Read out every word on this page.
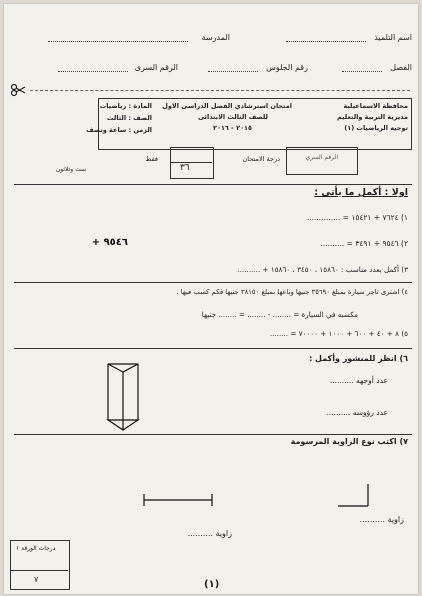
اسم التلميذ
المدرسة
الفصل
رقم الجلوس
الرقم السرى
محافظة الاسماعيلية
مديرية التربية والتعليم
توجيه الرياضيات (١)
امتحان استرشادي الفصل الدراسى الاول
للصف الثالث الابتدائى
٢٠١٥ - ٢٠١٦
المادة : رياضيات
الصف : الثالث
الزمن : ساعة ونصف
الرقم السري
درجة الامتحان
٣٦
فقط
ست وثلاثون
اولا : أكمل ما يأتي :
١) ٧٦٢٤ + ١٥٤٢١ = ..............
٢) ٩٥٤٦ + ٣٤٩١ = ..........
٩٥٤٦ +
٣) أكمل بعدد مناسب : ١٥٨٦٠ ، ٣٤٥٠ ، ١٥٨٦٠ + ..........
٤) اشترى تاجر سيارة بمبلغ ٣٥٦٩٠ جنيها وباعها بمبلغ ٣٨١٥٠ جنيها فكم كسب فيها .
مكسبه في السيارة = ........ - ........ = ........ جنيها
٥) ٨ + ٤٠ + ٦٠٠ + ١٠٠٠ + ٧٠٠٠٠ = ........
٦) انظر للمنشور وأكمل :
عدد أوجهه ..........
عدد رؤوسه ..........
٧) اكتب نوع الزاوية المرسومة
زاوية ..........
زاوية ..........
درجات الورقة ١
٧	(١)
